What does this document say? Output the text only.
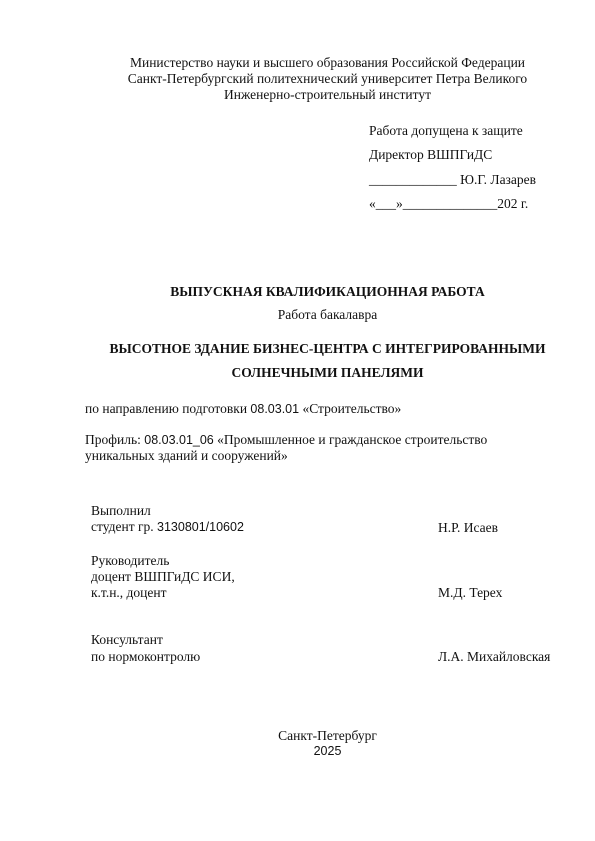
Министерство науки и высшего образования Российской Федерации
Санкт-Петербургский политехнический университет Петра Великого
Инженерно-строительный институт
Работа допущена к защите
Директор ВШПГиДС
_____________ Ю.Г. Лазарев
«___»______________202 г.
ВЫПУСКНАЯ КВАЛИФИКАЦИОННАЯ РАБОТА
Работа бакалавра
ВЫСОТНОЕ ЗДАНИЕ БИЗНЕС-ЦЕНТРА С ИНТЕГРИРОВАННЫМИ
СОЛНЕЧНЫМИ ПАНЕЛЯМИ
по направлению подготовки 08.03.01 «Строительство»
Профиль: 08.03.01_06 «Промышленное и гражданское строительство
уникальных зданий и сооружений»
Выполнил
студент гр. 3130801/10602	Н.Р. Исаев
Руководитель
доцент ВШПГиДС ИСИ,
к.т.н., доцент	М.Д. Терех
Консультант
по нормоконтролю	Л.А. Михайловская
Санкт-Петербург
2025
